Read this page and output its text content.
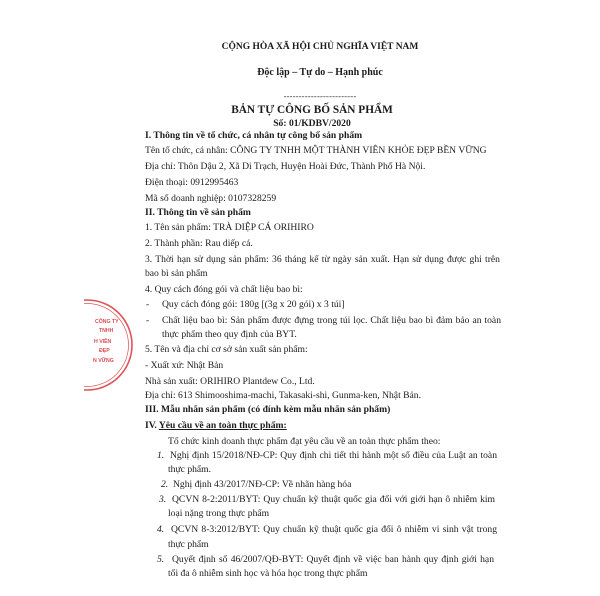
CỘNG HÒA XÃ HỘI CHỦ NGHĨA VIỆT NAM
Độc lập – Tự do – Hạnh phúc
------------------------
BẢN TỰ CÔNG BỐ SẢN PHẨM
Số: 01/KDBV/2020
I. Thông tin về tổ chức, cá nhân tự công bố sản phẩm
Tên tổ chức, cá nhân: CÔNG TY TNHH MỘT THÀNH VIÊN KHỎE ĐẸP BỀN VỮNG
Địa chỉ: Thôn Dậu 2, Xã Di Trạch, Huyện Hoài Đức, Thành Phố Hà Nội.
Điện thoại: 0912995463
Mã số doanh nghiệp: 0107328259
II. Thông tin về sản phẩm
1. Tên sản phẩm: TRÀ DIỆP CÁ ORIHIRO
2. Thành phần: Rau diếp cá.
3. Thời hạn sử dụng sản phẩm: 36 tháng kể từ ngày sản xuất. Hạn sử dụng được ghi trên
bao bì sản phẩm
4. Quy cách đóng gói và chất liệu bao bì:
- Quy cách đóng gói: 180g [(3g x 20 gói) x 3 túi]
- Chất liệu bao bì: Sản phẩm được đựng trong túi lọc. Chất liệu bao bì đảm bảo an toàn
thực phẩm theo quy định của BYT.
5. Tên và địa chỉ cơ sở sản xuất sản phẩm:
- Xuất xứ: Nhật Bản
Nhà sản xuất: ORIHIRO Plantdew Co., Ltd.
Địa chỉ: 613 Shimooshima-machi, Takasaki-shi, Gunma-ken, Nhật Bản.
III. Mẫu nhãn sản phẩm (có đính kèm mẫu nhãn sản phẩm)
IV. Yêu cầu về an toàn thực phẩm:
Tổ chức kinh doanh thực phẩm đạt yêu cầu về an toàn thực phẩm theo:
1. Nghị định 15/2018/NĐ-CP: Quy định chi tiết thi hành một số điều của Luật an toàn
thực phẩm.
2. Nghị định 43/2017/NĐ-CP: Về nhãn hàng hóa
3. QCVN 8-2:2011/BYT: Quy chuẩn kỹ thuật quốc gia đối với giới hạn ô nhiễm kim
loại nặng trong thực phẩm
4. QCVN 8-3:2012/BYT: Quy chuẩn kỹ thuật quốc gia đối ô nhiễm vi sinh vật trong
thực phẩm
5. Quyết định số 46/2007/QĐ-BYT: Quyết định về việc ban hành quy định giới hạn
tối đa ô nhiễm sinh học và hóa học trong thực phẩm
CÔNG TY
TNHH
H VIÊN
ĐẸP
N VỮNG
